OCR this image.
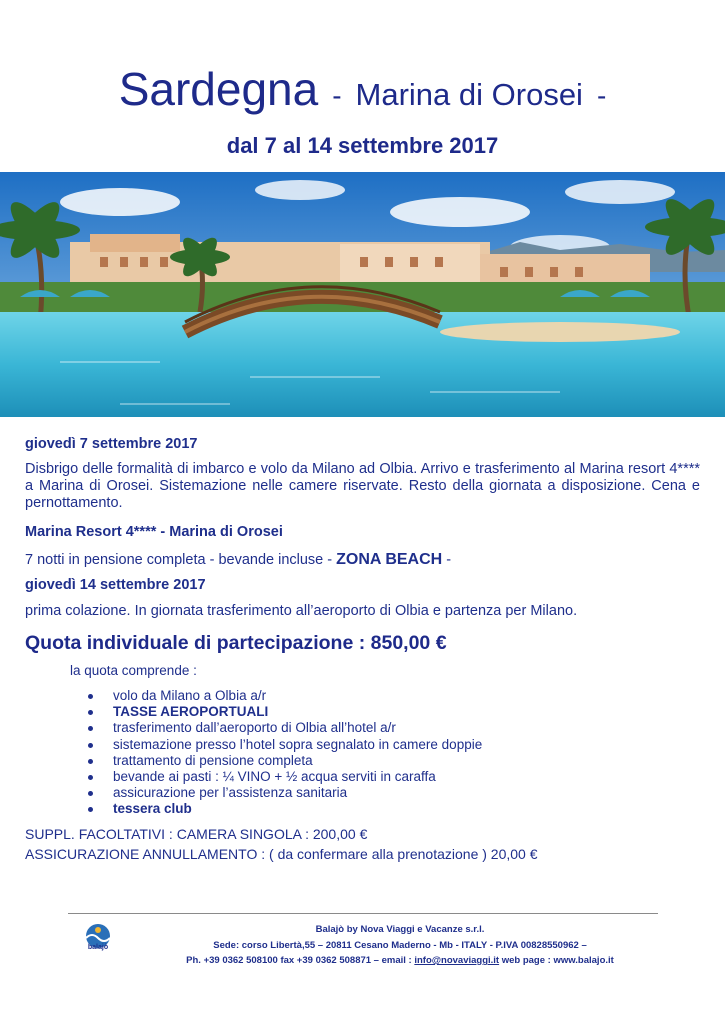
Sardegna - Marina di Orosei -
dal 7 al 14 settembre 2017
giovedì 7 settembre 2017
Disbrigo delle formalità di imbarco e volo da Milano ad Olbia. Arrivo e trasferimento al Marina resort 4**** a Marina di Orosei. Sistemazione nelle camere riservate. Resto della giornata a disposizione. Cena e pernottamento.
Marina Resort 4**** - Marina di Orosei
7 notti in pensione completa - bevande incluse - ZONA BEACH -
giovedì 14 settembre 2017
prima colazione. In giornata trasferimento all’aeroporto di Olbia e partenza per Milano.
Quota individuale di partecipazione : 850,00 €
la quota comprende :
volo da Milano a Olbia a/r
TASSE AEROPORTUALI
trasferimento dall’aeroporto di Olbia all’hotel a/r
sistemazione presso l’hotel sopra segnalato in camere doppie
trattamento di pensione completa
bevande ai pasti : ¼ VINO + ½ acqua serviti in caraffa
assicurazione per l’assistenza sanitaria
tessera club
SUPPL. FACOLTATIVI : CAMERA SINGOLA : 200,00 €
ASSICURAZIONE ANNULLAMENTO : ( da confermare alla prenotazione ) 20,00 €
balajò
Balajò by Nova Viaggi e Vacanze s.r.l.
Sede: corso Libertà,55 – 20811 Cesano Maderno - Mb - ITALY - P.IVA 00828550962 –
Ph. +39 0362 508100 fax +39 0362 508871 – email : info@novaviaggi.it web page : www.balajo.it
